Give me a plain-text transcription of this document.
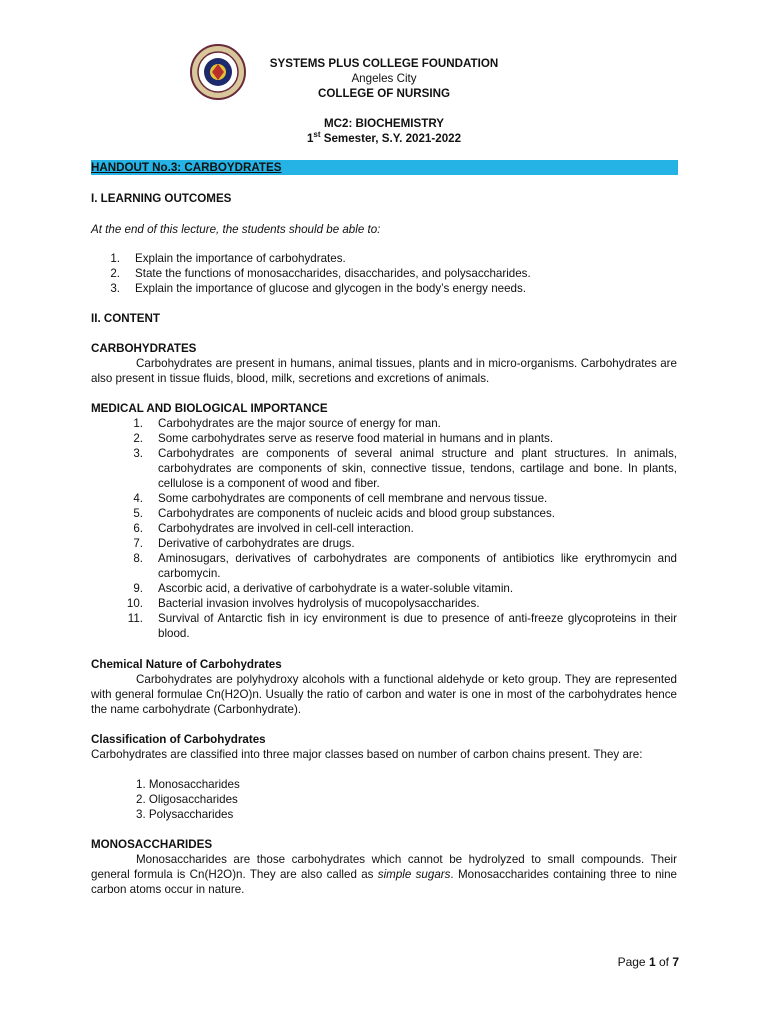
SYSTEMS PLUS COLLEGE FOUNDATION
Angeles City
COLLEGE OF NURSING
MC2: BIOCHEMISTRY
1st Semester, S.Y. 2021-2022
HANDOUT No.3: CARBOYDRATES
I. LEARNING OUTCOMES
At the end of this lecture, the students should be able to:
1. Explain the importance of carbohydrates.
2. State the functions of monosaccharides, disaccharides, and polysaccharides.
3. Explain the importance of glucose and glycogen in the body’s energy needs.
II. CONTENT
CARBOHYDRATES
Carbohydrates are present in humans, animal tissues, plants and in micro-organisms. Carbohydrates are also present in tissue fluids, blood, milk, secretions and excretions of animals.
MEDICAL AND BIOLOGICAL IMPORTANCE
1. Carbohydrates are the major source of energy for man.
2. Some carbohydrates serve as reserve food material in humans and in plants.
3. Carbohydrates are components of several animal structure and plant structures. In animals, carbohydrates are components of skin, connective tissue, tendons, cartilage and bone. In plants, cellulose is a component of wood and fiber.
4. Some carbohydrates are components of cell membrane and nervous tissue.
5. Carbohydrates are components of nucleic acids and blood group substances.
6. Carbohydrates are involved in cell-cell interaction.
7. Derivative of carbohydrates are drugs.
8. Aminosugars, derivatives of carbohydrates are components of antibiotics like erythromycin and carbomycin.
9. Ascorbic acid, a derivative of carbohydrate is a water-soluble vitamin.
10. Bacterial invasion involves hydrolysis of mucopolysaccharides.
11. Survival of Antarctic fish in icy environment is due to presence of anti-freeze glycoproteins in their blood.
Chemical Nature of Carbohydrates
Carbohydrates are polyhydroxy alcohols with a functional aldehyde or keto group. They are represented with general formulae Cn(H2O)n. Usually the ratio of carbon and water is one in most of the carbohydrates hence the name carbohydrate (Carbonhydrate).
Classification of Carbohydrates
Carbohydrates are classified into three major classes based on number of carbon chains present. They are:
1. Monosaccharides
2. Oligosaccharides
3. Polysaccharides
MONOSACCHARIDES
Monosaccharides are those carbohydrates which cannot be hydrolyzed to small compounds. Their general formula is Cn(H2O)n. They are also called as simple sugars. Monosaccharides containing three to nine carbon atoms occur in nature.
Page 1 of 7
